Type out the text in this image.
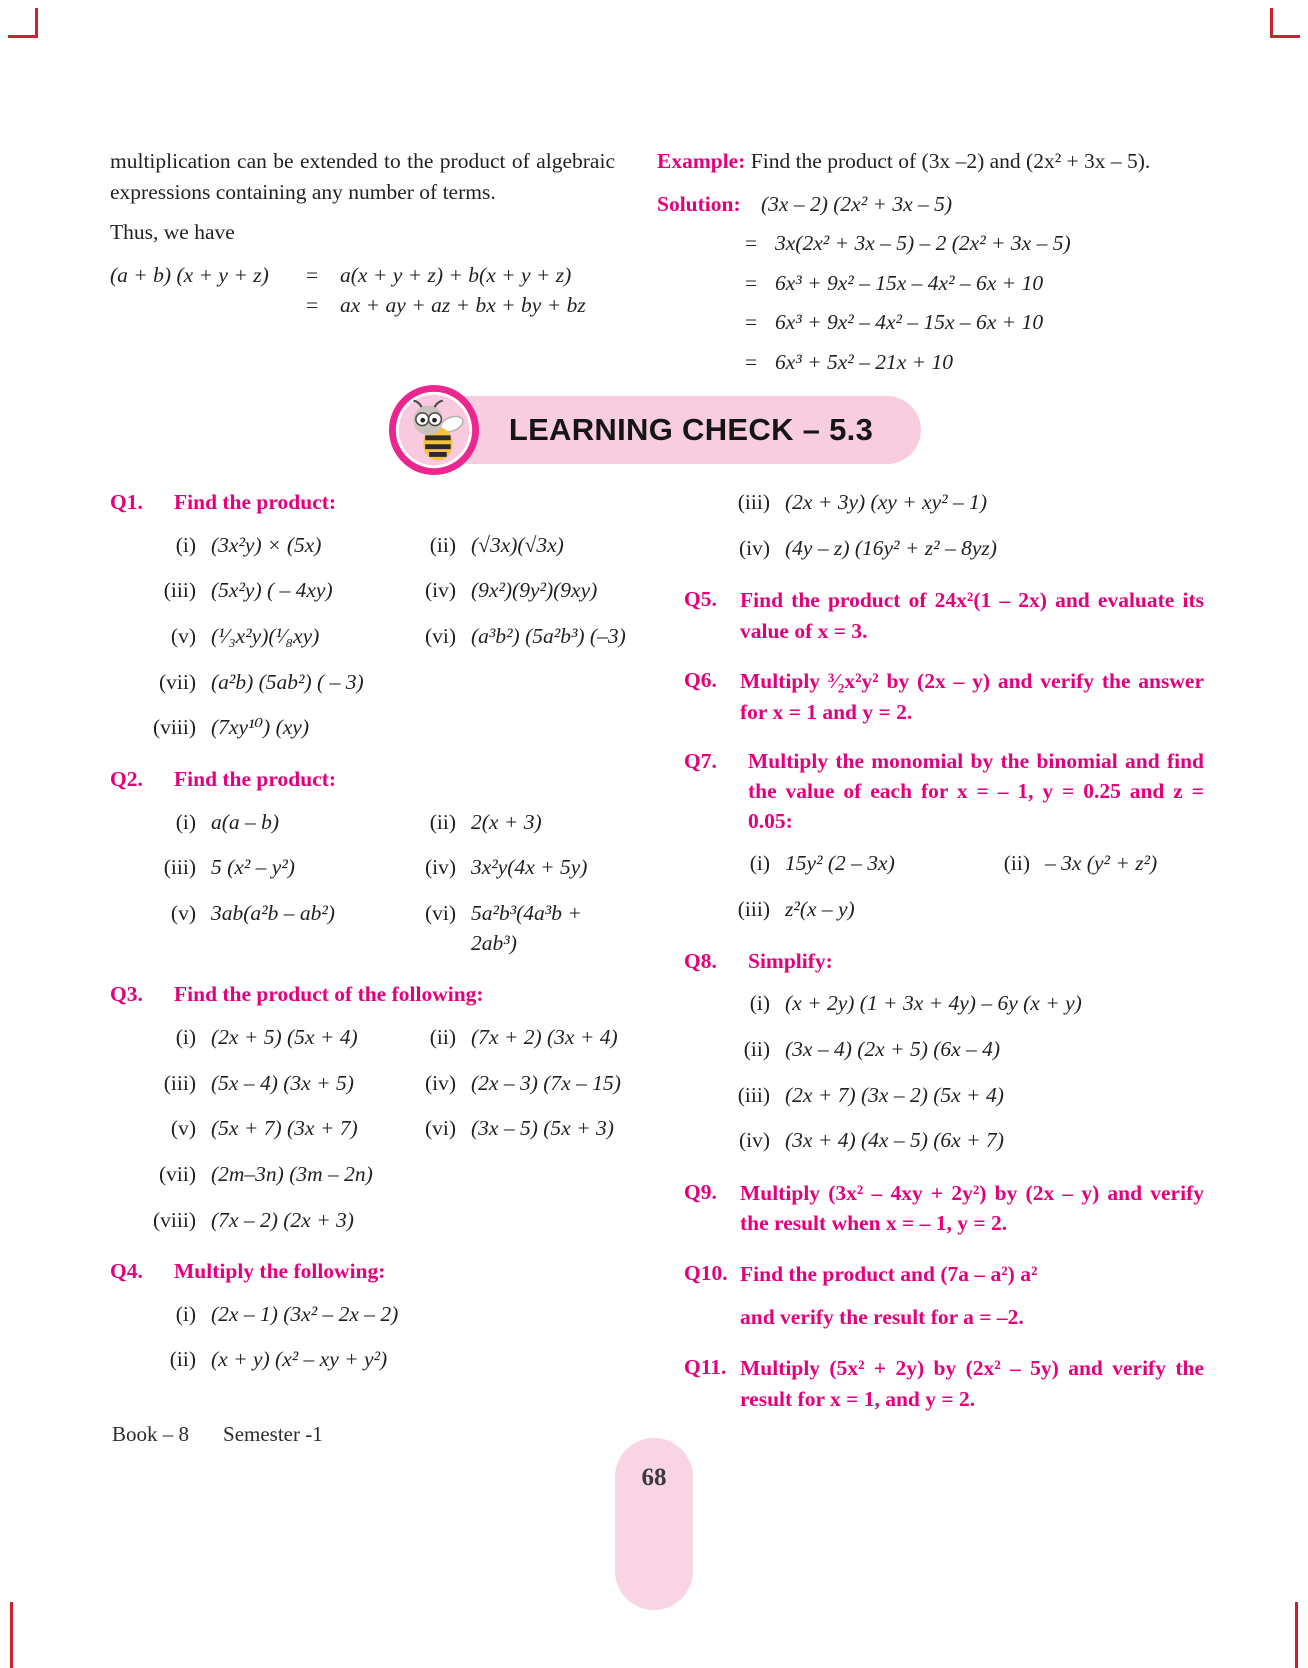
multiplication can be extended to the product of algebraic expressions containing any number of terms.

Thus, we have

(a + b) (x + y + z)	=	a(x + y + z) + b(x + y + z)
=	ax + ay + az + bx + by + bz
Example: Find the product of (3x –2) and (2x² + 3x – 5).
Solution: (3x – 2) (2x² + 3x – 5)
= 3x(2x² + 3x – 5) – 2 (2x² + 3x – 5)
= 6x³ + 9x² – 15x – 4x² – 6x + 10
= 6x³ + 9x² – 4x² – 15x – 6x + 10
= 6x³ + 5x² – 21x + 10
LEARNING CHECK – 5.3
Q1.	Find the product:
(i) (3x²y) × (5x)	(ii) (√3x)(√3x)
(iii) (5x²y) ( – 4xy)	(iv) (9x²)(9y²)(9xy)
(v) (¹⁄₃x²y)(¹⁄₈xy)	(vi) (a³b²) (5a²b³) (–3)
(vii) (a²b) (5ab²) ( – 3)
(viii) (7xy¹⁰) (xy)
Q2.	Find the product:
(i) a(a – b)	(ii) 2(x + 3)
(iii) 5 (x² – y²)	(iv) 3x²y(4x + 5y)
(v) 3ab(a²b – ab²)	(vi) 5a²b³(4a³b + 2ab³)
Q3.	Find the product of the following:
(i) (2x + 5) (5x + 4)	(ii) (7x + 2) (3x + 4)
(iii) (5x – 4) (3x + 5)	(iv) (2x – 3) (7x – 15)
(v) (5x + 7) (3x + 7)	(vi) (3x – 5) (5x + 3)
(vii) (2m–3n) (3m – 2n)
(viii) (7x – 2) (2x + 3)
Q4.	Multiply the following:
(i) (2x – 1) (3x² – 2x – 2)
(ii) (x + y) (x² – xy + y²)
(iii) (2x + 3y) (xy + xy² – 1)
(iv) (4y – z) (16y² + z² – 8yz)
Q5.	Find the product of 24x²(1 – 2x) and evaluate its value of x = 3.
Q6.	Multiply ³⁄₂x²y² by (2x – y) and verify the answer for x = 1 and y = 2.
Q7.	Multiply the monomial by the binomial and find the value of each for x = – 1, y = 0.25 and z = 0.05:
(i) 15y² (2 – 3x)	(ii) – 3x (y² + z²)
(iii) z²(x – y)
Q8.	Simplify:
(i) (x + 2y) (1 + 3x + 4y) – 6y (x + y)
(ii) (3x – 4) (2x + 5) (6x – 4)
(iii) (2x + 7) (3x – 2) (5x + 4)
(iv) (3x + 4) (4x – 5) (6x + 7)
Q9.	Multiply (3x² – 4xy + 2y²) by (2x – y) and verify the result when x = – 1, y = 2.
Q10. Find the product and (7a – a²) a²
and verify the result for a = –2.
Q11. Multiply (5x² + 2y) by (2x² – 5y) and verify the result for x = 1, and y = 2.
Book – 8 Semester -1
68
